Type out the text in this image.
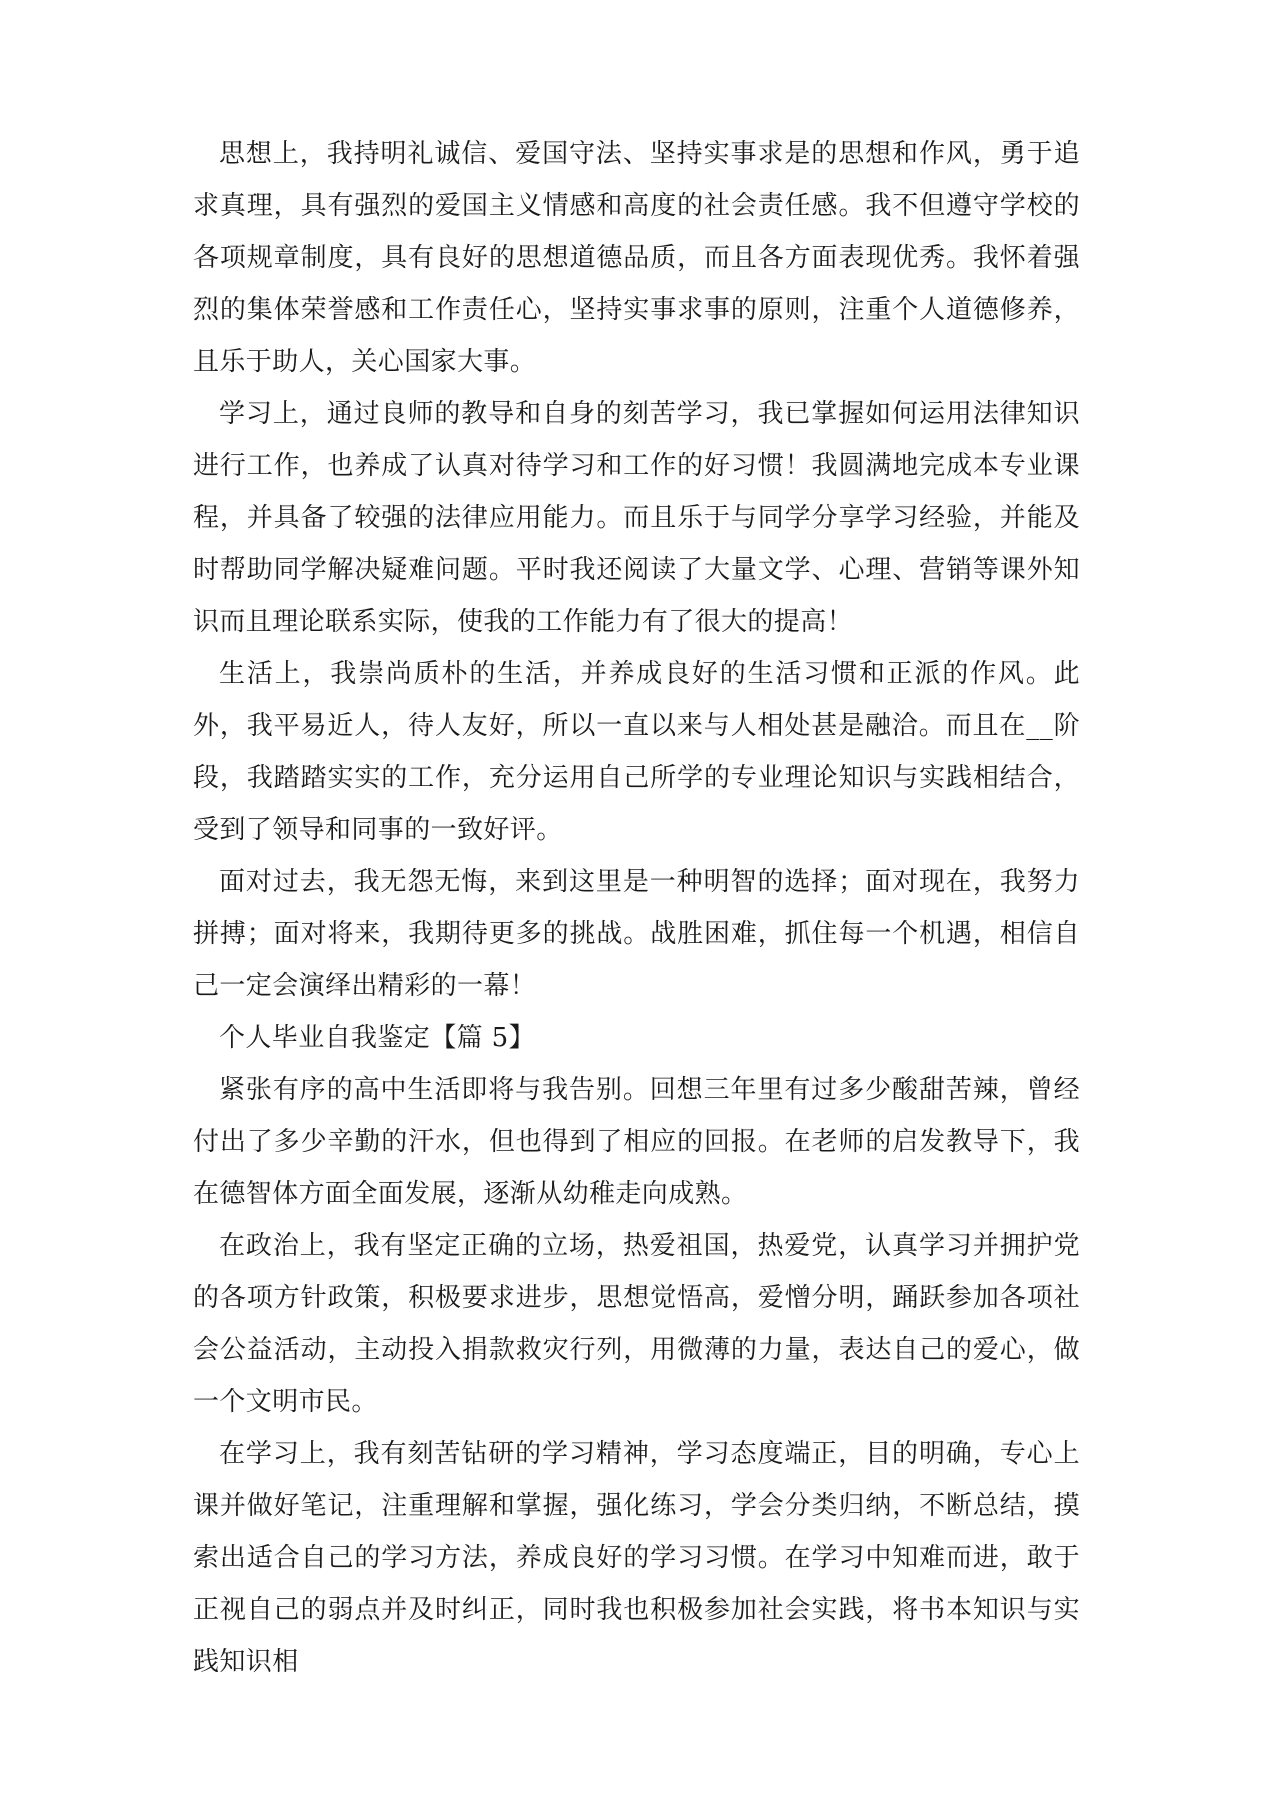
思想上，我持明礼诚信、爱国守法、坚持实事求是的思想和作风，勇于追求真理，具有强烈的爱国主义情感和高度的社会责任感。我不但遵守学校的各项规章制度，具有良好的思想道德品质，而且各方面表现优秀。我怀着强烈的集体荣誉感和工作责任心，坚持实事求事的原则，注重个人道德修养，且乐于助人，关心国家大事。

学习上，通过良师的教导和自身的刻苦学习，我已掌握如何运用法律知识进行工作，也养成了认真对待学习和工作的好习惯！我圆满地完成本专业课程，并具备了较强的法律应用能力。而且乐于与同学分享学习经验，并能及时帮助同学解决疑难问题。平时我还阅读了大量文学、心理、营销等课外知识而且理论联系实际，使我的工作能力有了很大的提高！

生活上，我崇尚质朴的生活，并养成良好的生活习惯和正派的作风。此外，我平易近人，待人友好，所以一直以来与人相处甚是融洽。而且在__阶段，我踏踏实实的工作，充分运用自己所学的专业理论知识与实践相结合，受到了领导和同事的一致好评。

面对过去，我无怨无悔，来到这里是一种明智的选择；面对现在，我努力拼搏；面对将来，我期待更多的挑战。战胜困难，抓住每一个机遇，相信自己一定会演绎出精彩的一幕！

个人毕业自我鉴定【篇 5】

紧张有序的高中生活即将与我告别。回想三年里有过多少酸甜苦辣，曾经付出了多少辛勤的汗水，但也得到了相应的回报。在老师的启发教导下，我在德智体方面全面发展，逐渐从幼稚走向成熟。

在政治上，我有坚定正确的立场，热爱祖国，热爱党，认真学习并拥护党的各项方针政策，积极要求进步，思想觉悟高，爱憎分明，踊跃参加各项社会公益活动，主动投入捐款救灾行列，用微薄的力量，表达自己的爱心，做一个文明市民。

在学习上，我有刻苦钻研的学习精神，学习态度端正，目的明确，专心上课并做好笔记，注重理解和掌握，强化练习，学会分类归纳，不断总结，摸索出适合自己的学习方法，养成良好的学习习惯。在学习中知难而进，敢于正视自己的弱点并及时纠正，同时我也积极参加社会实践，将书本知识与实践知识相
